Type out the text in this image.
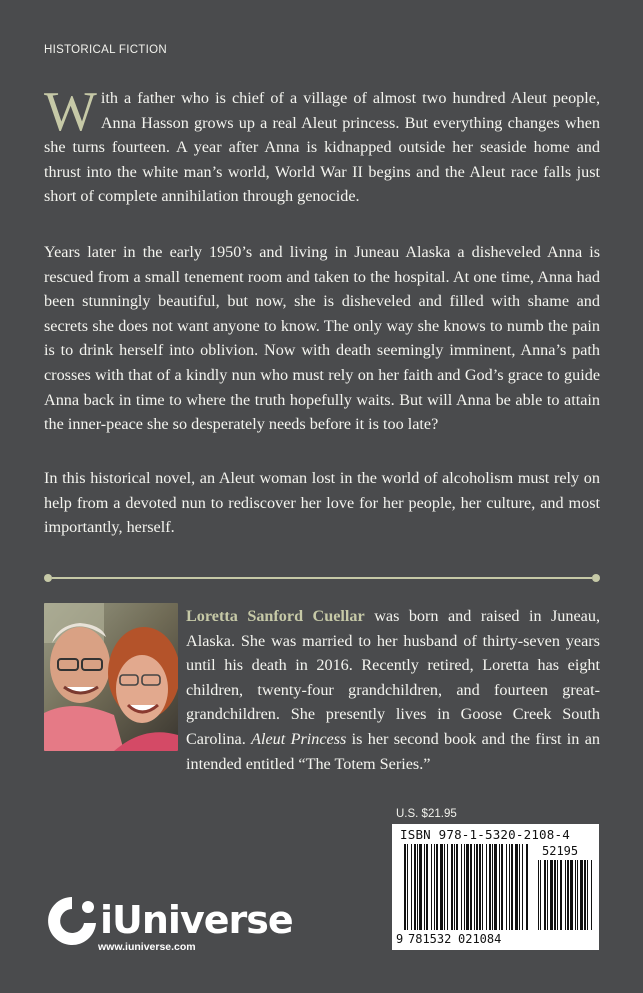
HISTORICAL FICTION
With a father who is chief of a village of almost two hundred Aleut people, Anna Hasson grows up a real Aleut princess. But everything changes when she turns fourteen. A year after Anna is kidnapped outside her seaside home and thrust into the white man’s world, World War II begins and the Aleut race falls just short of complete annihilation through genocide.
Years later in the early 1950’s and living in Juneau Alaska a disheveled Anna is rescued from a small tenement room and taken to the hospital. At one time, Anna had been stunningly beautiful, but now, she is disheveled and filled with shame and secrets she does not want anyone to know. The only way she knows to numb the pain is to drink herself into oblivion. Now with death seemingly imminent, Anna’s path crosses with that of a kindly nun who must rely on her faith and God’s grace to guide Anna back in time to where the truth hopefully waits. But will Anna be able to attain the inner-peace she so desperately needs before it is too late?
In this historical novel, an Aleut woman lost in the world of alcoholism must rely on help from a devoted nun to rediscover her love for her people, her culture, and most importantly, herself.
Loretta Sanford Cuellar was born and raised in Juneau, Alaska. She was married to her husband of thirty-seven years until his death in 2016. Recently retired, Loretta has eight children, twenty-four grandchildren, and fourteen great-grandchildren. She presently lives in Goose Creek South Carolina. Aleut Princess is her second book and the first in an intended entitled “The Totem Series.”
U.S. $21.95
ISBN 978-1-5320-2108-4
52195
9 781532 021084
iUniverse
www.iuniverse.com
